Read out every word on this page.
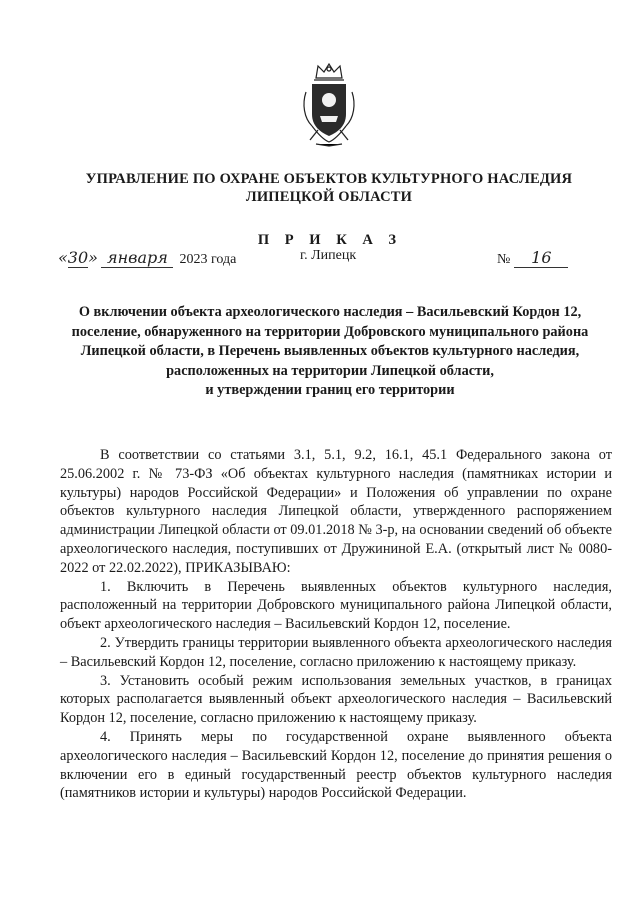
УПРАВЛЕНИЕ ПО ОХРАНЕ ОБЪЕКТОВ КУЛЬТУРНОГО НАСЛЕДИЯ
ЛИПЕЦКОЙ ОБЛАСТИ
П Р И К А З
«30» января 2023 года	г. Липецк	№ 16
О включении объекта археологического наследия – Васильевский Кордон 12,
поселение, обнаруженного на территории Добровского муниципального района
Липецкой области, в Перечень выявленных объектов культурного наследия,
расположенных на территории Липецкой области,
и утверждении границ его территории

В соответствии со статьями 3.1, 5.1, 9.2, 16.1, 45.1 Федерального закона от 25.06.2002 г. № 73-ФЗ «Об объектах культурного наследия (памятниках истории и культуры) народов Российской Федерации» и Положения об управлении по охране объектов культурного наследия Липецкой области, утвержденного распоряжением администрации Липецкой области от 09.01.2018 № 3-р, на основании сведений об объекте археологического наследия, поступивших от Дружининой Е.А. (открытый лист № 0080-2022 от 22.02.2022), ПРИКАЗЫВАЮ:

1. Включить в Перечень выявленных объектов культурного наследия, расположенный на территории Добровского муниципального района Липецкой области, объект археологического наследия – Васильевский Кордон 12, поселение.

2. Утвердить границы территории выявленного объекта археологического наследия – Васильевский Кордон 12, поселение, согласно приложению к настоящему приказу.

3. Установить особый режим использования земельных участков, в границах которых располагается выявленный объект археологического наследия – Васильевский Кордон 12, поселение, согласно приложению к настоящему приказу.

4. Принять меры по государственной охране выявленного объекта археологического наследия – Васильевский Кордон 12, поселение до принятия решения о включении его в единый государственный реестр объектов культурного наследия (памятников истории и культуры) народов Российской Федерации.
